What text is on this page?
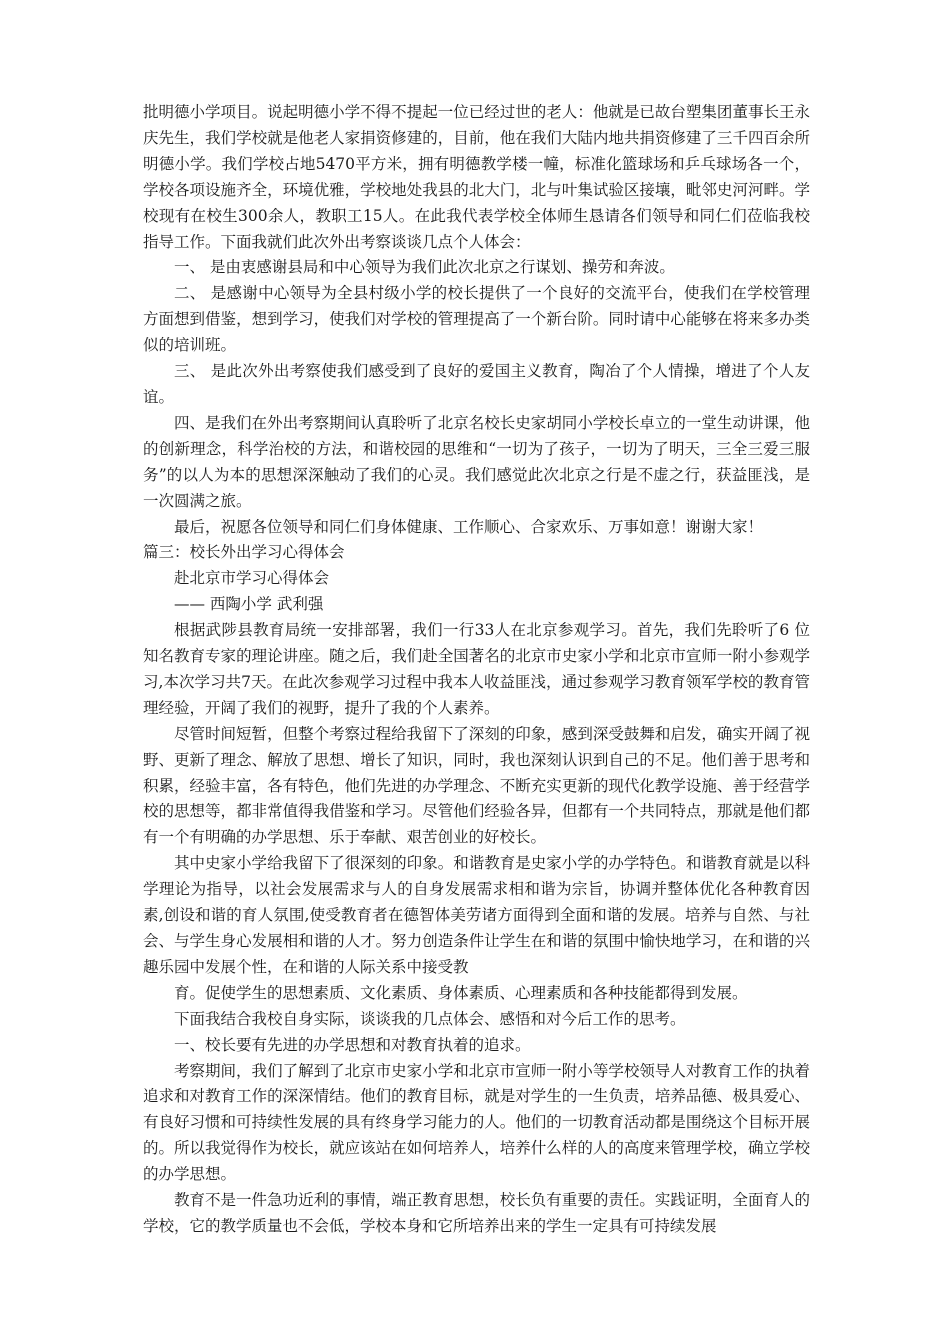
批明德小学项目。说起明德小学不得不提起一位已经过世的老人：他就是已故台塑集团董事长王永庆先生，我们学校就是他老人家捐资修建的，目前，他在我们大陆内地共捐资修建了三千四百余所明德小学。我们学校占地5470平方米，拥有明德教学楼一幢，标准化篮球场和乒乓球场各一个，学校各项设施齐全，环境优雅，学校地处我县的北大门，北与叶集试验区接壤，毗邻史河河畔。学校现有在校生300余人，教职工15人。在此我代表学校全体师生恳请各们领导和同仁们莅临我校指导工作。下面我就们此次外出考察谈谈几点个人体会：

一、 是由衷感谢县局和中心领导为我们此次北京之行谋划、操劳和奔波。

二、 是感谢中心领导为全县村级小学的校长提供了一个良好的交流平台，使我们在学校管理方面想到借鉴，想到学习，使我们对学校的管理提高了一个新台阶。同时请中心能够在将来多办类似的培训班。

三、 是此次外出考察使我们感受到了良好的爱国主义教育，陶冶了个人情操，增进了个人友谊。

四、是我们在外出考察期间认真聆听了北京名校长史家胡同小学校长卓立的一堂生动讲课，他的创新理念，科学治校的方法，和谐校园的思维和“一切为了孩子，一切为了明天，三全三爱三服务”的以人为本的思想深深触动了我们的心灵。我们感觉此次北京之行是不虚之行，获益匪浅，是一次圆满之旅。

最后，祝愿各位领导和同仁们身体健康、工作顺心、合家欢乐、万事如意！谢谢大家！

篇三：校长外出学习心得体会

赴北京市学习心得体会

—— 西陶小学 武利强

根据武陟县教育局统一安排部署，我们一行33人在北京参观学习。首先，我们先聆听了6 位知名教育专家的理论讲座。随之后，我们赴全国著名的北京市史家小学和北京市宣师一附小参观学习,本次学习共7天。在此次参观学习过程中我本人收益匪浅，通过参观学习教育领军学校的教育管理经验，开阔了我们的视野，提升了我的个人素养。

尽管时间短暂，但整个考察过程给我留下了深刻的印象，感到深受鼓舞和启发，确实开阔了视野、更新了理念、解放了思想、增长了知识，同时，我也深刻认识到自己的不足。他们善于思考和积累，经验丰富，各有特色，他们先进的办学理念、不断充实更新的现代化教学设施、善于经营学校的思想等，都非常值得我借鉴和学习。尽管他们经验各异，但都有一个共同特点，那就是他们都有一个有明确的办学思想、乐于奉献、艰苦创业的好校长。

其中史家小学给我留下了很深刻的印象。和谐教育是史家小学的办学特色。和谐教育就是以科学理论为指导，以社会发展需求与人的自身发展需求相和谐为宗旨，协调并整体优化各种教育因素,创设和谐的育人氛围,使受教育者在德智体美劳诸方面得到全面和谐的发展。培养与自然、与社会、与学生身心发展相和谐的人才。努力创造条件让学生在和谐的氛围中愉快地学习，在和谐的兴趣乐园中发展个性，在和谐的人际关系中接受教

育。促使学生的思想素质、文化素质、身体素质、心理素质和各种技能都得到发展。

下面我结合我校自身实际，谈谈我的几点体会、感悟和对今后工作的思考。

一、校长要有先进的办学思想和对教育执着的追求。

考察期间，我们了解到了北京市史家小学和北京市宣师一附小等学校领导人对教育工作的执着追求和对教育工作的深深情结。他们的教育目标，就是对学生的一生负责，培养品德、极具爱心、有良好习惯和可持续性发展的具有终身学习能力的人。他们的一切教育活动都是围绕这个目标开展的。所以我觉得作为校长，就应该站在如何培养人，培养什么样的人的高度来管理学校，确立学校的办学思想。

教育不是一件急功近利的事情，端正教育思想，校长负有重要的责任。实践证明，全面育人的学校，它的教学质量也不会低，学校本身和它所培养出来的学生一定具有可持续发展
